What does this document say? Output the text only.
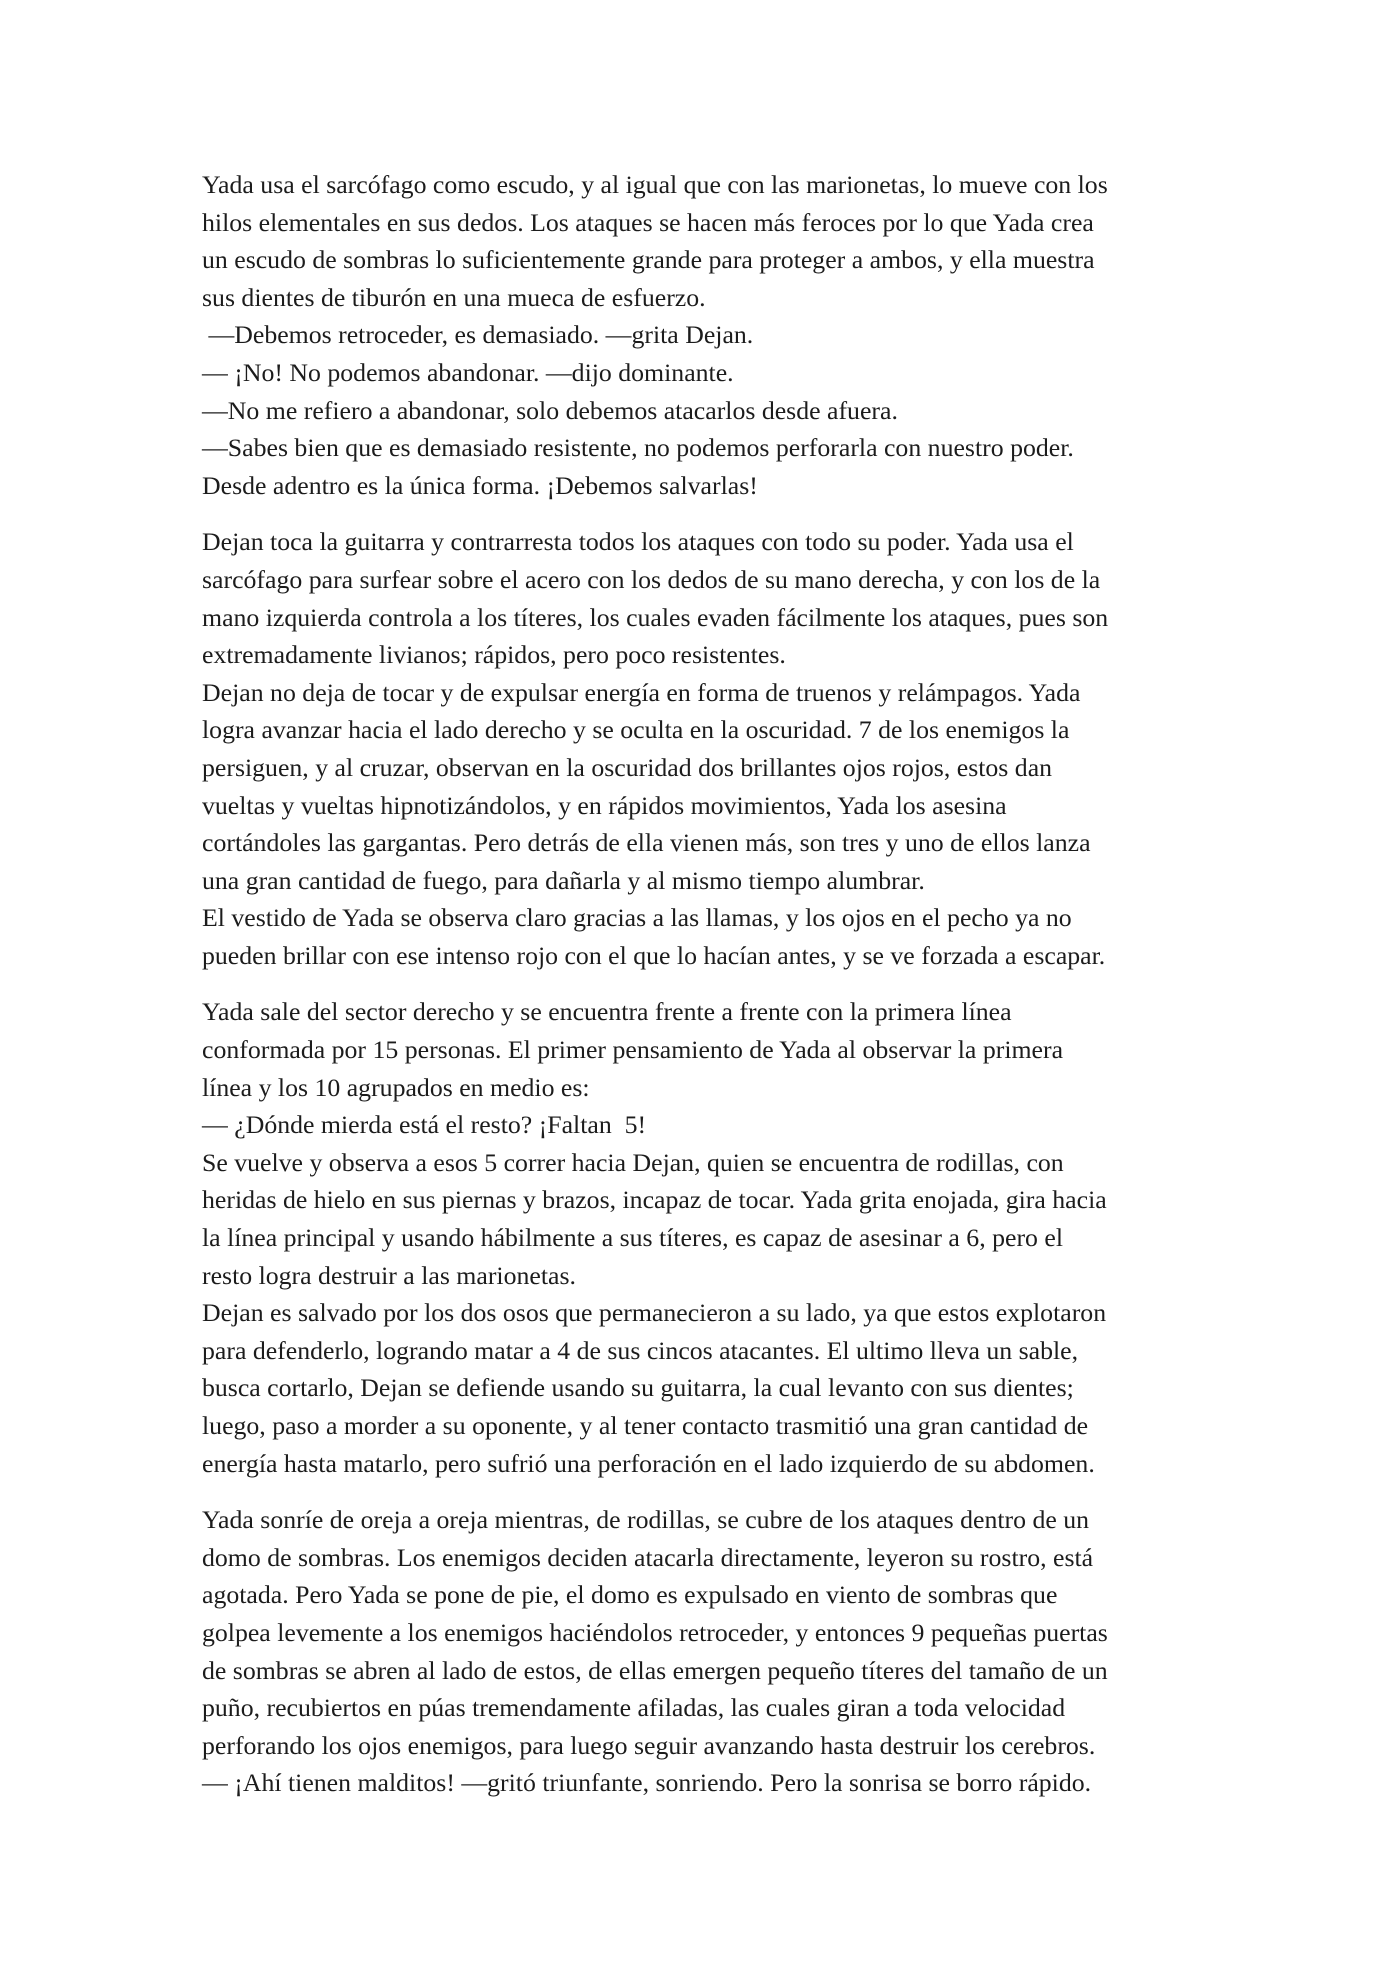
Yada usa el sarcófago como escudo, y al igual que con las marionetas, lo mueve con los
hilos elementales en sus dedos. Los ataques se hacen más feroces por lo que Yada crea
un escudo de sombras lo suficientemente grande para proteger a ambos, y ella muestra
sus dientes de tiburón en una mueca de esfuerzo.
—Debemos retroceder, es demasiado. —grita Dejan.
— ¡No! No podemos abandonar. —dijo dominante.
—No me refiero a abandonar, solo debemos atacarlos desde afuera.
—Sabes bien que es demasiado resistente, no podemos perforarla con nuestro poder.
Desde adentro es la única forma. ¡Debemos salvarlas!
Dejan toca la guitarra y contrarresta todos los ataques con todo su poder. Yada usa el
sarcófago para surfear sobre el acero con los dedos de su mano derecha, y con los de la
mano izquierda controla a los títeres, los cuales evaden fácilmente los ataques, pues son
extremadamente livianos; rápidos, pero poco resistentes.
Dejan no deja de tocar y de expulsar energía en forma de truenos y relámpagos. Yada
logra avanzar hacia el lado derecho y se oculta en la oscuridad. 7 de los enemigos la
persiguen, y al cruzar, observan en la oscuridad dos brillantes ojos rojos, estos dan
vueltas y vueltas hipnotizándolos, y en rápidos movimientos, Yada los asesina
cortándoles las gargantas. Pero detrás de ella vienen más, son tres y uno de ellos lanza
una gran cantidad de fuego, para dañarla y al mismo tiempo alumbrar.
El vestido de Yada se observa claro gracias a las llamas, y los ojos en el pecho ya no
pueden brillar con ese intenso rojo con el que lo hacían antes, y se ve forzada a escapar.
Yada sale del sector derecho y se encuentra frente a frente con la primera línea
conformada por 15 personas. El primer pensamiento de Yada al observar la primera
línea y los 10 agrupados en medio es:
— ¿Dónde mierda está el resto? ¡Faltan  5!
Se vuelve y observa a esos 5 correr hacia Dejan, quien se encuentra de rodillas, con
heridas de hielo en sus piernas y brazos, incapaz de tocar. Yada grita enojada, gira hacia
la línea principal y usando hábilmente a sus títeres, es capaz de asesinar a 6, pero el
resto logra destruir a las marionetas.
Dejan es salvado por los dos osos que permanecieron a su lado, ya que estos explotaron
para defenderlo, logrando matar a 4 de sus cincos atacantes. El ultimo lleva un sable,
busca cortarlo, Dejan se defiende usando su guitarra, la cual levanto con sus dientes;
luego, paso a morder a su oponente, y al tener contacto trasmitió una gran cantidad de
energía hasta matarlo, pero sufrió una perforación en el lado izquierdo de su abdomen.
Yada sonríe de oreja a oreja mientras, de rodillas, se cubre de los ataques dentro de un
domo de sombras. Los enemigos deciden atacarla directamente, leyeron su rostro, está
agotada. Pero Yada se pone de pie, el domo es expulsado en viento de sombras que
golpea levemente a los enemigos haciéndolos retroceder, y entonces 9 pequeñas puertas
de sombras se abren al lado de estos, de ellas emergen pequeño títeres del tamaño de un
puño, recubiertos en púas tremendamente afiladas, las cuales giran a toda velocidad
perforando los ojos enemigos, para luego seguir avanzando hasta destruir los cerebros.
— ¡Ahí tienen malditos! —gritó triunfante, sonriendo. Pero la sonrisa se borro rápido.
